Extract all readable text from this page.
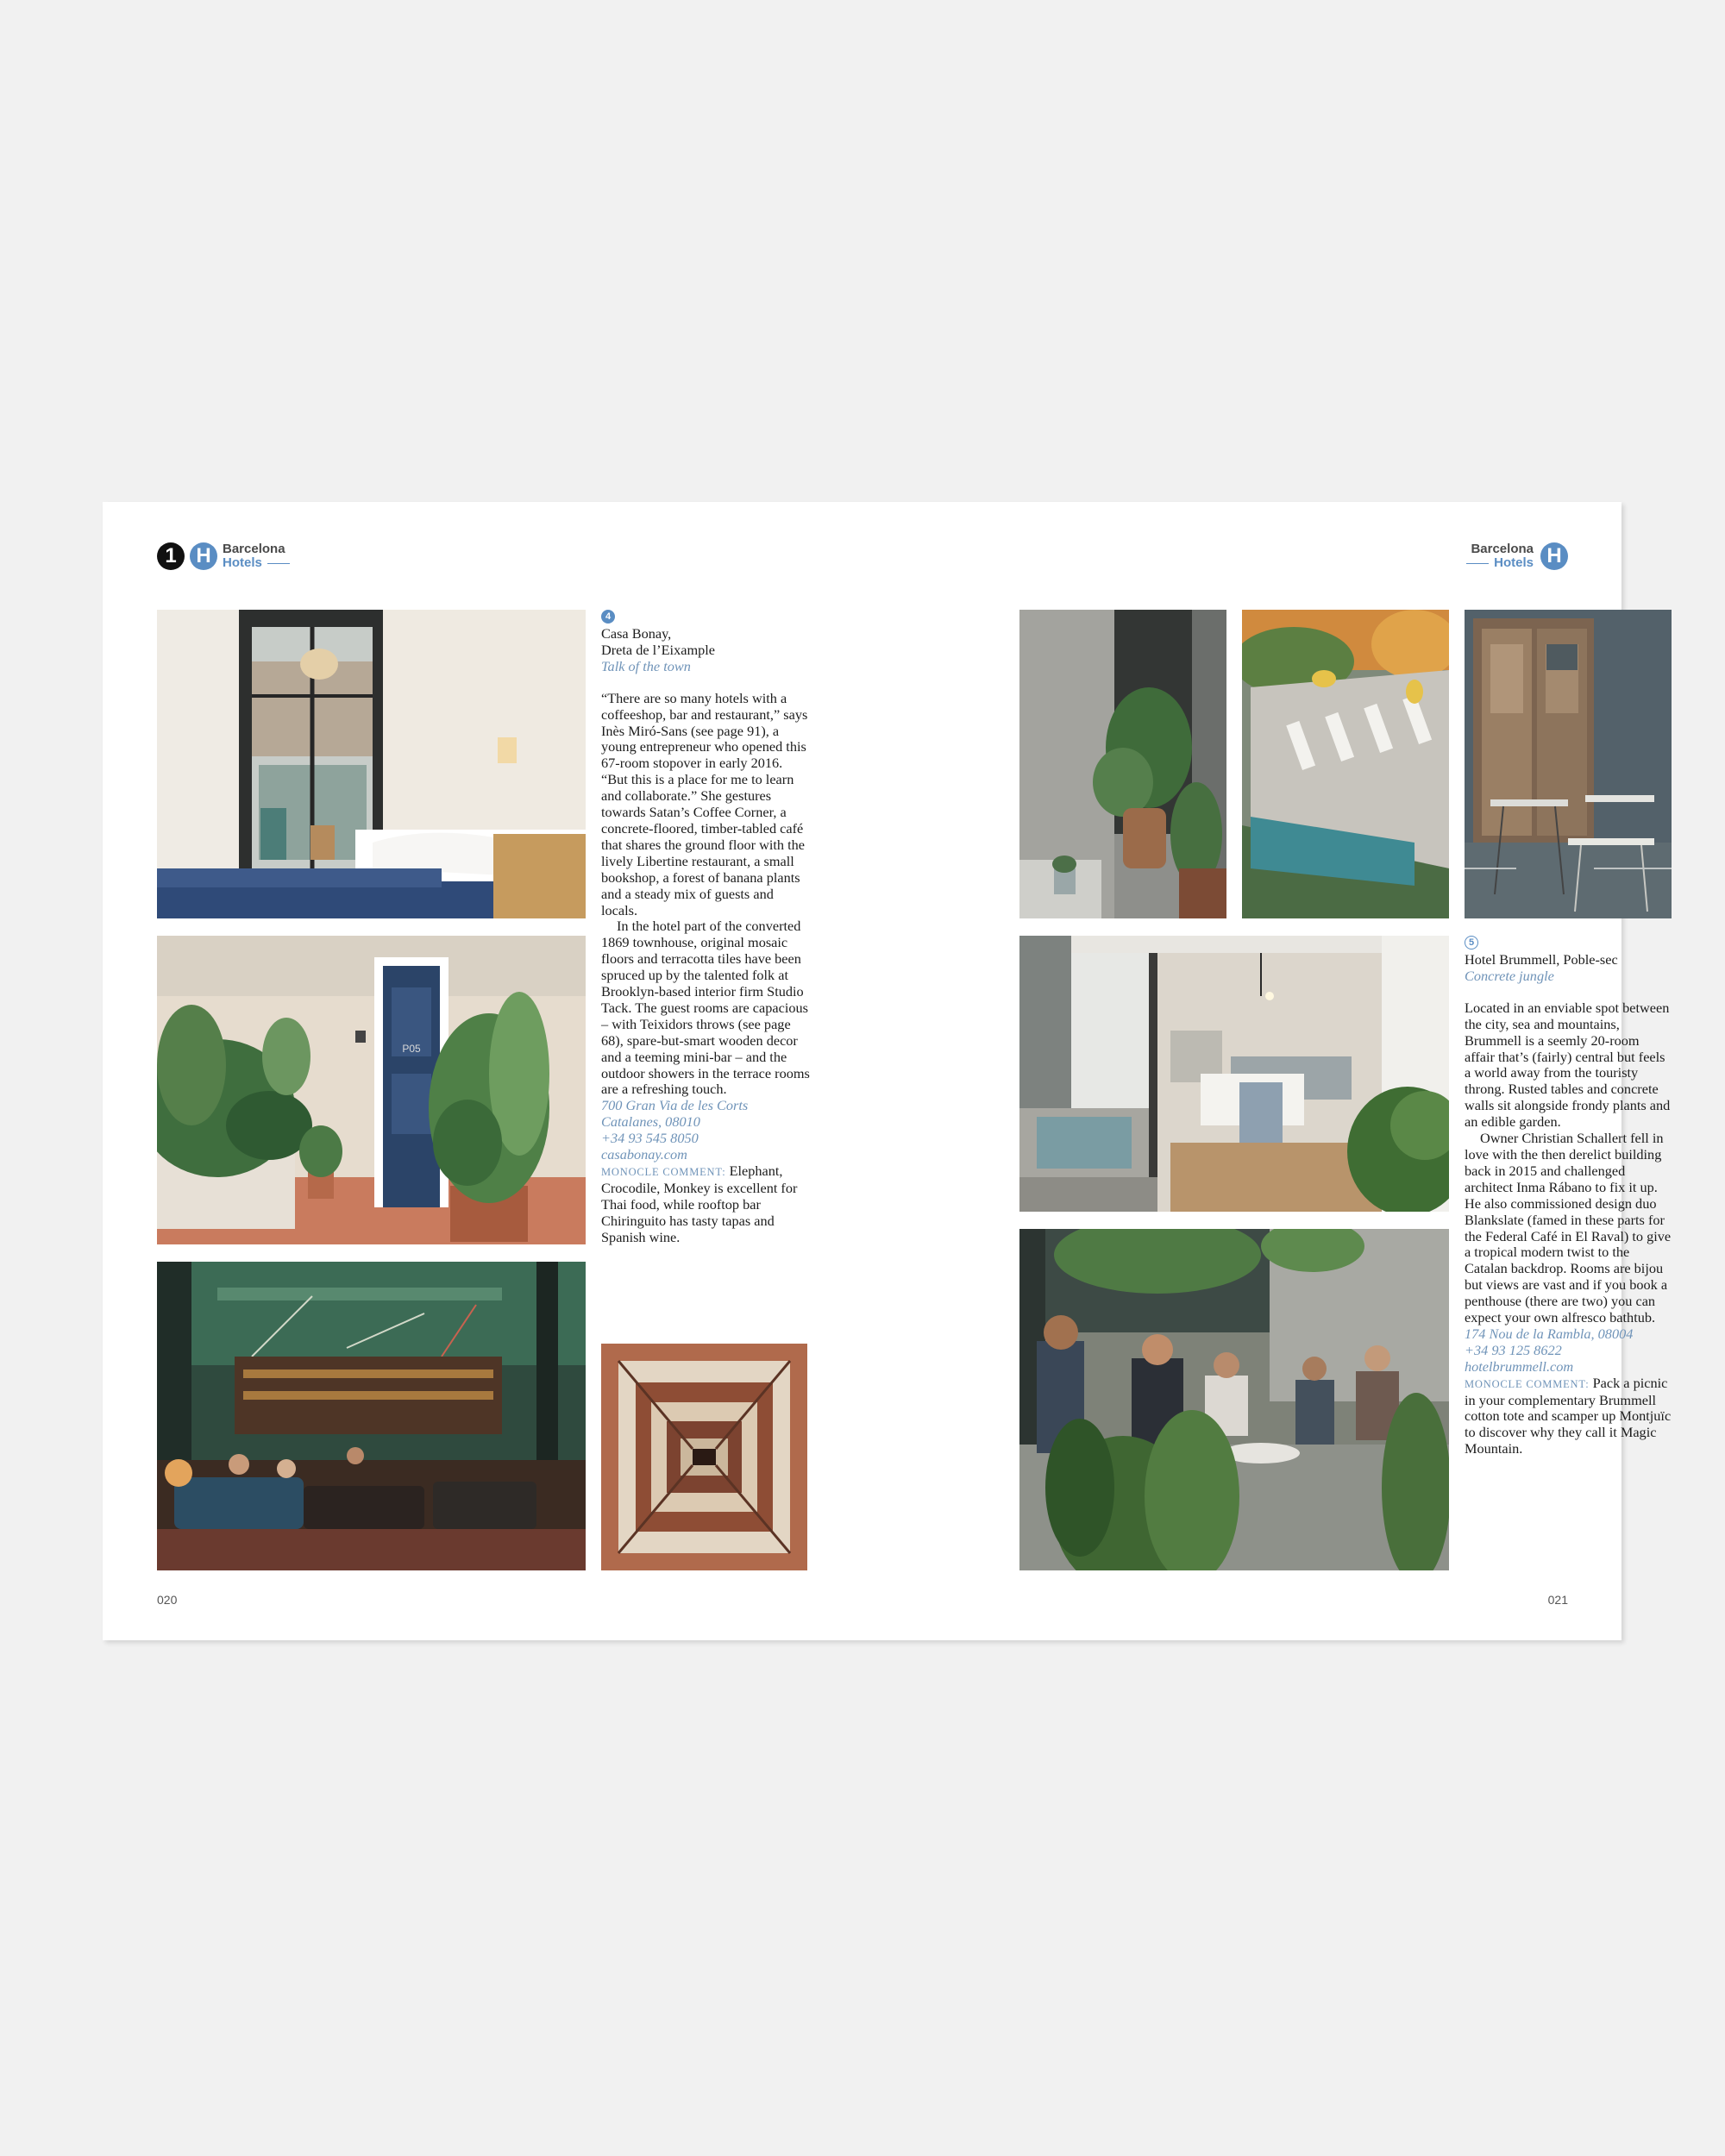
1 H Barcelona
Hotels
P05
4
Casa Bonay,
Dreta de l’Eixample
Talk of the town

“There are so many hotels with a coffeeshop, bar and restaurant,” says Inès Miró-Sans (see page 91), a young entrepreneur who opened this 67-room stopover in early 2016. “But this is a place for me to learn and collaborate.” She gestures towards Satan’s Coffee Corner, a concrete-floored, timber-tabled café that shares the ground floor with the lively Libertine restaurant, a small bookshop, a forest of banana plants and a steady mix of guests and locals.

In the hotel part of the converted 1869 townhouse, original mosaic floors and terracotta tiles have been spruced up by the talented folk at Brooklyn-based interior firm Studio Tack. The guest rooms are capacious – with Teixidors throws (see page 68), spare-but-smart wooden decor and a teeming mini-bar – and the outdoor showers in the terrace rooms are a refreshing touch.

700 Gran Via de les Corts
Catalanes, 08010
+34 93 545 8050
casabonay.com

MONOCLE COMMENT: Elephant, Crocodile, Monkey is excellent for Thai food, while rooftop bar Chiringuito has tasty tapas and Spanish wine.

020
Barcelona
Hotels H
5
Hotel Brummell, Poble-sec
Concrete jungle

Located in an enviable spot between the city, sea and mountains, Brummell is a seemly 20-room affair that’s (fairly) central but feels a world away from the touristy throng. Rusted tables and concrete walls sit alongside frondy plants and an edible garden.

Owner Christian Schallert fell in love with the then derelict building back in 2015 and challenged architect Inma Rábano to fix it up. He also commissioned design duo Blankslate (famed in these parts for the Federal Café in El Raval) to give a tropical modern twist to the Catalan backdrop. Rooms are bijou but views are vast and if you book a penthouse (there are two) you can expect your own alfresco bathtub.

174 Nou de la Rambla, 08004
+34 93 125 8622
hotelbrummell.com

MONOCLE COMMENT: Pack a picnic in your complementary Brummell cotton tote and scamper up Montjuïc to discover why they call it Magic Mountain.

021
